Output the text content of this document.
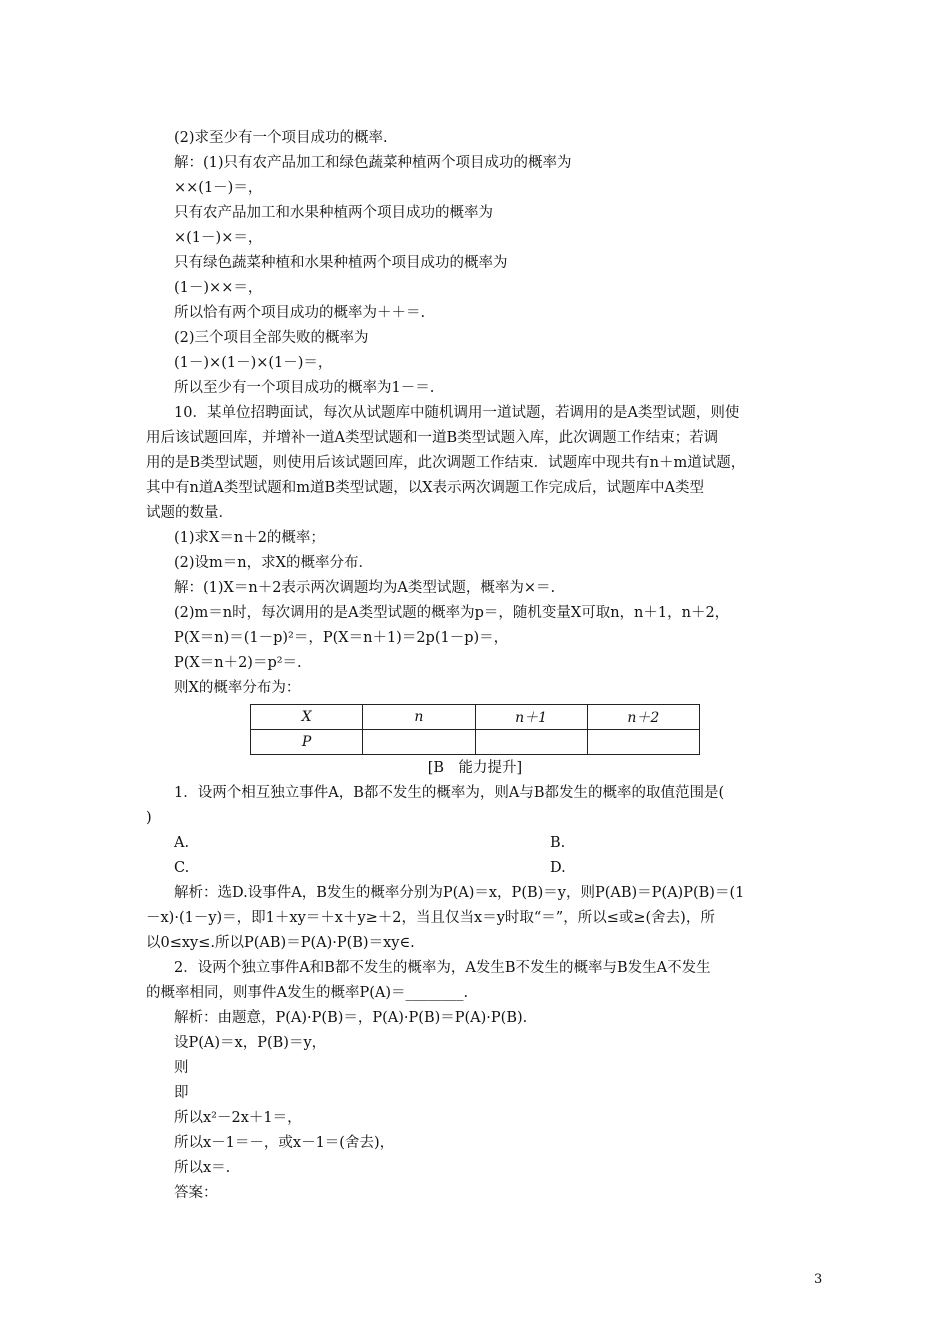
(2)求至少有一个项目成功的概率.
解：(1)只有农产品加工和绿色蔬菜种植两个项目成功的概率为
××(1－)＝，
只有农产品加工和水果种植两个项目成功的概率为
×(1－)×＝，
只有绿色蔬菜种植和水果种植两个项目成功的概率为
(1－)××＝，
所以恰有两个项目成功的概率为＋＋＝.
(2)三个项目全部失败的概率为
(1－)×(1－)×(1－)＝，
所以至少有一个项目成功的概率为1－＝.
10．某单位招聘面试，每次从试题库中随机调用一道试题，若调用的是A类型试题，则使
用后该试题回库，并增补一道A类型试题和一道B类型试题入库，此次调题工作结束；若调
用的是B类型试题，则使用后该试题回库，此次调题工作结束．试题库中现共有n＋m道试题，
其中有n道A类型试题和m道B类型试题，以X表示两次调题工作完成后，试题库中A类型
试题的数量．
(1)求X＝n＋2的概率；
(2)设m＝n，求X的概率分布．
解：(1)X＝n＋2表示两次调题均为A类型试题，概率为×＝.
(2)m＝n时，每次调用的是A类型试题的概率为p＝，随机变量X可取n，n＋1，n＋2，
P(X＝n)＝(1－p)²＝，P(X＝n＋1)＝2p(1－p)＝，
P(X＝n＋2)＝p²＝.
则X的概率分布为：
X	n	n＋1	n＋2
P			
[B　能力提升]
1．设两个相互独立事件A，B都不发生的概率为，则A与B都发生的概率的取值范围是(
)
A.	B.
C.	D.
解析：选D.设事件A，B发生的概率分别为P(A)＝x，P(B)＝y，则P(AB)＝P(A)P(B)＝(1
－x)·(1－y)＝，即1＋xy＝＋x＋y≥＋2，当且仅当x＝y时取“＝”，所以≤或≥(舍去)，所
以0≤xy≤.所以P(AB)＝P(A)·P(B)＝xy∈.
2．设两个独立事件A和B都不发生的概率为，A发生B不发生的概率与B发生A不发生
的概率相同，则事件A发生的概率P(A)＝________.
解析：由题意，P(A)·P(B)＝，P(A)·P(B)＝P(A)·P(B).
设P(A)＝x，P(B)＝y，
则
即
所以x²－2x＋1＝，
所以x－1＝－，或x－1＝(舍去)，
所以x＝.
答案：
3
